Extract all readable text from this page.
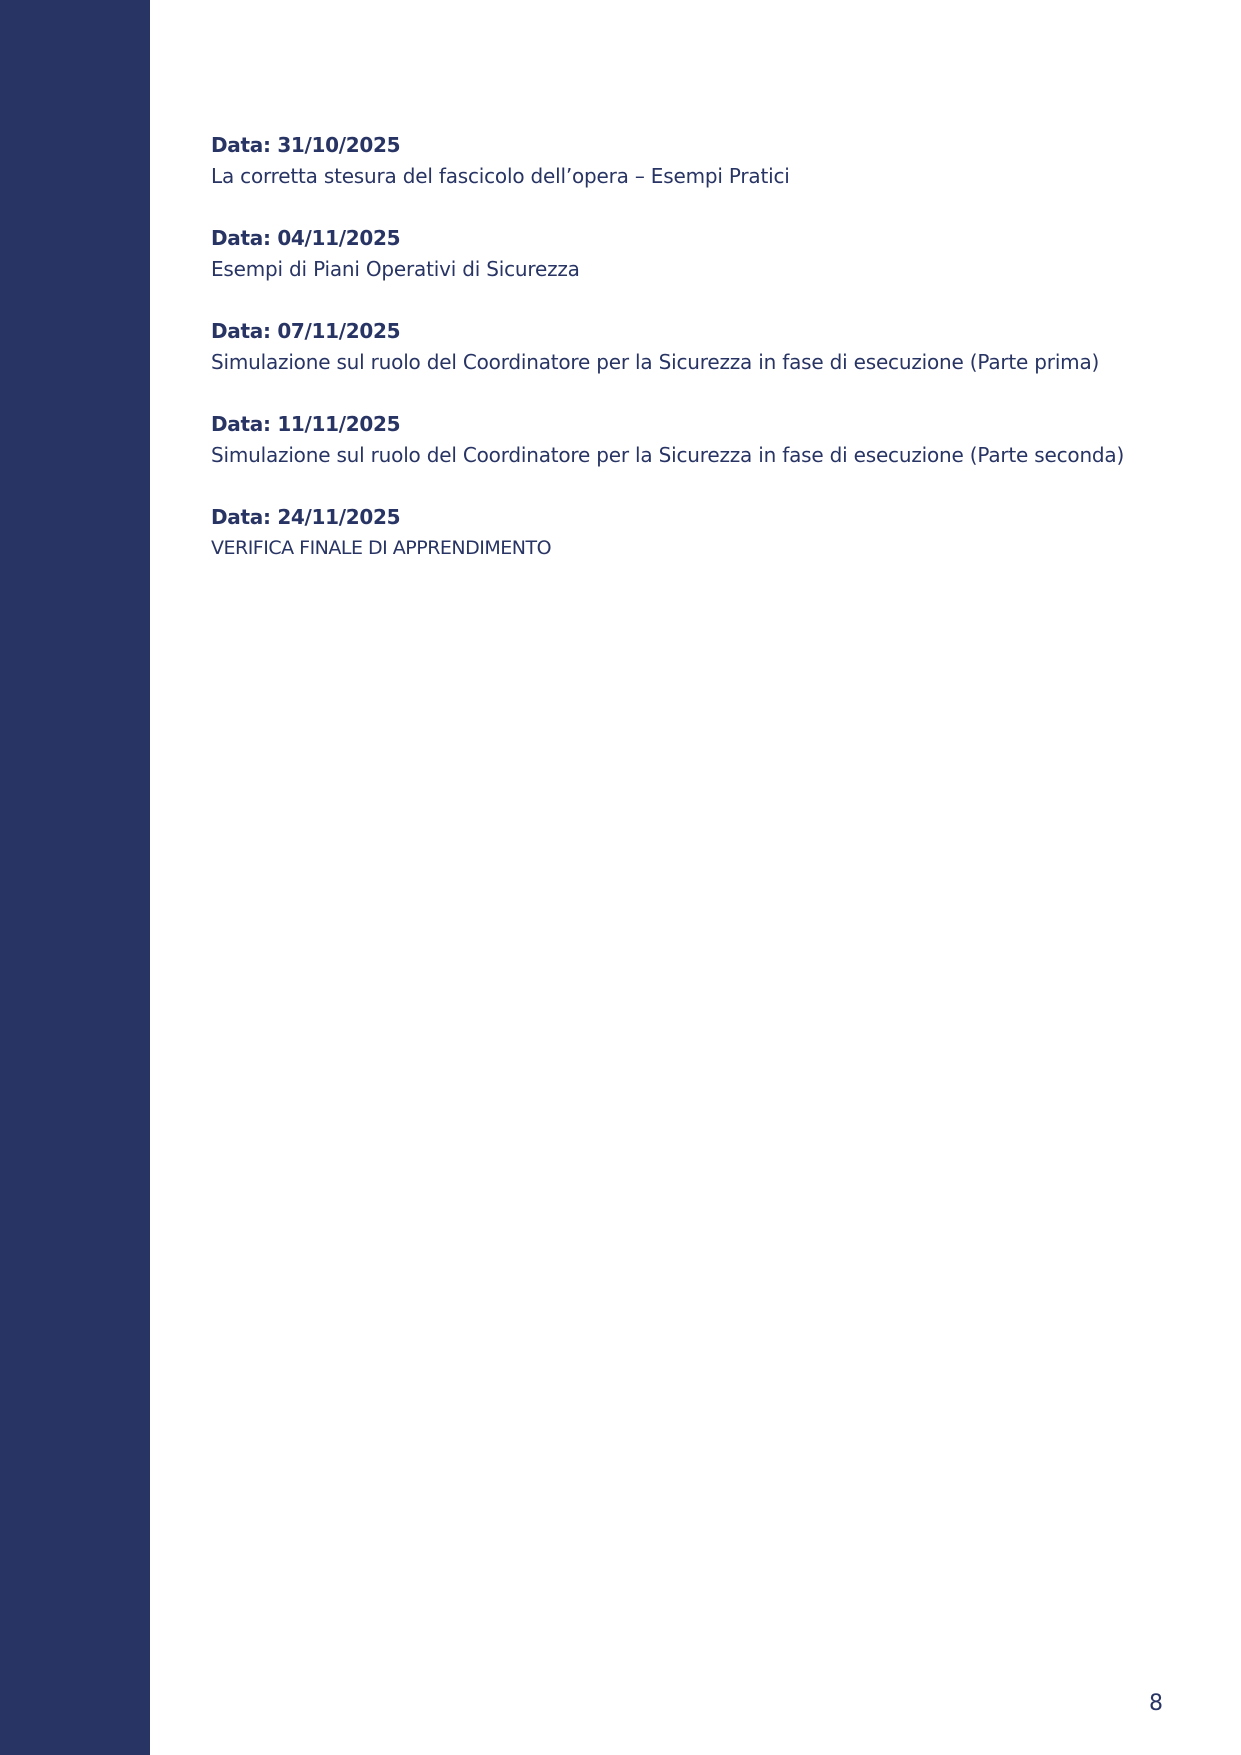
Data: 31/10/2025
La corretta stesura del fascicolo dell’opera – Esempi Pratici
Data: 04/11/2025
Esempi di Piani Operativi di Sicurezza
Data: 07/11/2025
Simulazione sul ruolo del Coordinatore per la Sicurezza in fase di esecuzione (Parte prima)
Data: 11/11/2025
Simulazione sul ruolo del Coordinatore per la Sicurezza in fase di esecuzione (Parte seconda)
Data: 24/11/2025
VERIFICA FINALE DI APPRENDIMENTO
8
